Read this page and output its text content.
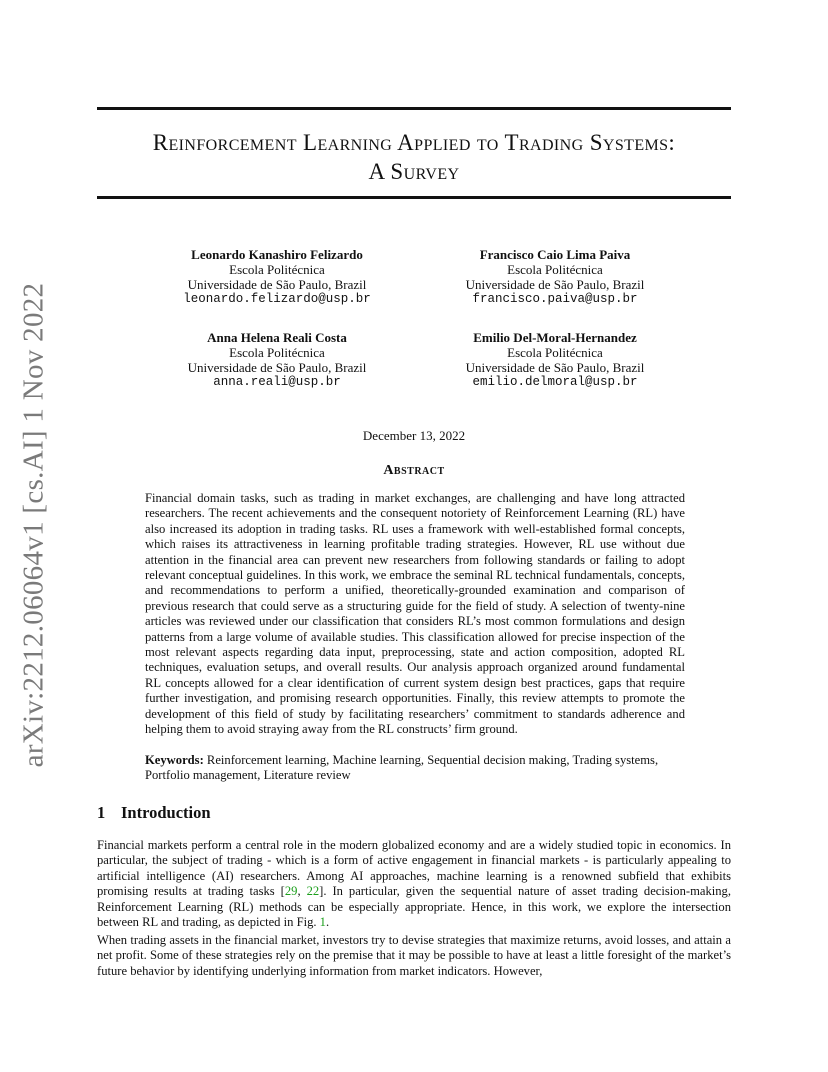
arXiv:2212.06064v1 [cs.AI] 1 Nov 2022
Reinforcement Learning Applied to Trading Systems:
A Survey
Leonardo Kanashiro Felizardo
Escola Politécnica
Universidade de São Paulo, Brazil
leonardo.felizardo@usp.br
Francisco Caio Lima Paiva
Escola Politécnica
Universidade de São Paulo, Brazil
francisco.paiva@usp.br
Anna Helena Reali Costa
Escola Politécnica
Universidade de São Paulo, Brazil
anna.reali@usp.br
Emilio Del-Moral-Hernandez
Escola Politécnica
Universidade de São Paulo, Brazil
emilio.delmoral@usp.br
December 13, 2022
Abstract
Financial domain tasks, such as trading in market exchanges, are challenging and have long attracted researchers. The recent achievements and the consequent notoriety of Reinforcement Learning (RL) have also increased its adoption in trading tasks. RL uses a framework with well-established formal concepts, which raises its attractiveness in learning profitable trading strategies. However, RL use without due attention in the financial area can prevent new researchers from following standards or failing to adopt relevant conceptual guidelines. In this work, we embrace the seminal RL technical fundamentals, concepts, and recommendations to perform a unified, theoretically-grounded examination and comparison of previous research that could serve as a structuring guide for the field of study. A selection of twenty-nine articles was reviewed under our classification that considers RL’s most common formulations and design patterns from a large volume of available studies. This classification allowed for precise inspection of the most relevant aspects regarding data input, preprocessing, state and action composition, adopted RL techniques, evaluation setups, and overall results. Our analysis approach organized around fundamental RL concepts allowed for a clear identification of current system design best practices, gaps that require further investigation, and promising research opportunities. Finally, this review attempts to promote the development of this field of study by facilitating researchers’ commitment to standards adherence and helping them to avoid straying away from the RL constructs’ firm ground.
Keywords: Reinforcement learning, Machine learning, Sequential decision making, Trading systems, Portfolio management, Literature review
1 Introduction
Financial markets perform a central role in the modern globalized economy and are a widely studied topic in economics. In particular, the subject of trading - which is a form of active engagement in financial markets - is particularly appealing to artificial intelligence (AI) researchers. Among AI approaches, machine learning is a renowned subfield that exhibits promising results at trading tasks [29, 22]. In particular, given the sequential nature of asset trading decision-making, Reinforcement Learning (RL) methods can be especially appropriate. Hence, in this work, we explore the intersection between RL and trading, as depicted in Fig. 1.
When trading assets in the financial market, investors try to devise strategies that maximize returns, avoid losses, and attain a net profit. Some of these strategies rely on the premise that it may be possible to have at least a little foresight of the market’s future behavior by identifying underlying information from market indicators. However,
